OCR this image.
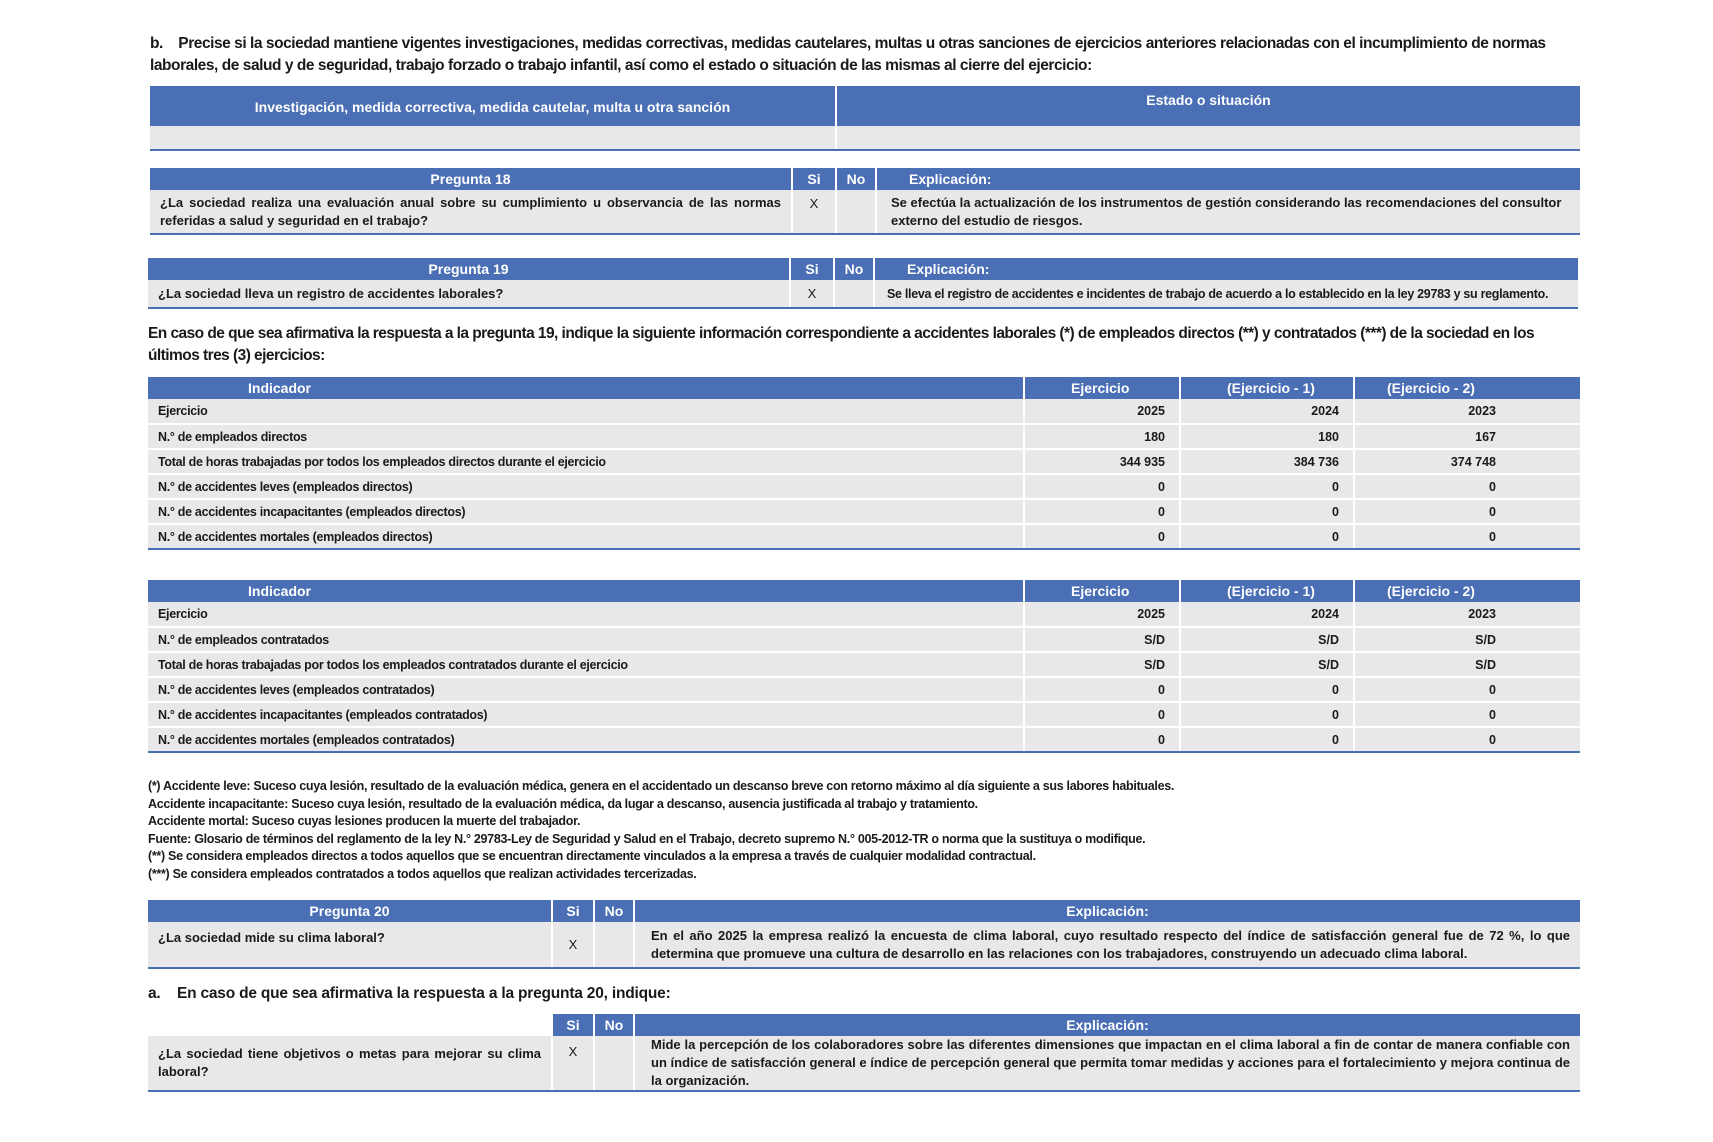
b.    Precise si la sociedad mantiene vigentes investigaciones, medidas correctivas, medidas cautelares, multas u otras sanciones de ejercicios anteriores relacionadas con el incumplimiento de normas laborales, de salud y de seguridad, trabajo forzado o trabajo infantil, así como el estado o situación de las mismas al cierre del ejercicio:
Investigación, medida correctiva, medida cautelar, multa u otra sanción	Estado o situación

Pregunta 18	Si	No	Explicación:
¿La sociedad realiza una evaluación anual sobre su cumplimiento u observancia de las normas referidas a salud y seguridad en el trabajo?	X		Se efectúa la actualización de los instrumentos de gestión considerando las recomendaciones del consultor externo del estudio de riesgos.
Pregunta 19	Si	No	Explicación:
¿La sociedad lleva un registro de accidentes laborales?	X		Se lleva el registro de accidentes e incidentes de trabajo de acuerdo a lo establecido en la ley 29783 y su reglamento.
En caso de que sea afirmativa la respuesta a la pregunta 19, indique la siguiente información correspondiente a accidentes laborales (*) de empleados directos (**) y contratados (***) de la sociedad en los últimos tres (3) ejercicios:
Indicador	Ejercicio	(Ejercicio - 1)	(Ejercicio - 2)
Ejercicio	2025	2024	2023
N.° de empleados directos	180	180	167
Total de horas trabajadas por todos los empleados directos durante el ejercicio	344 935	384 736	374 748
N.° de accidentes leves (empleados directos)	0	0	0
N.° de accidentes incapacitantes (empleados directos)	0	0	0
N.° de accidentes mortales (empleados directos)	0	0	0
Indicador	Ejercicio	(Ejercicio - 1)	(Ejercicio - 2)
Ejercicio	2025	2024	2023
N.° de empleados contratados	S/D	S/D	S/D
Total de horas trabajadas por todos los empleados contratados durante el ejercicio	S/D	S/D	S/D
N.° de accidentes leves (empleados contratados)	0	0	0
N.° de accidentes incapacitantes (empleados contratados)	0	0	0
N.° de accidentes mortales (empleados contratados)	0	0	0
(*) Accidente leve: Suceso cuya lesión, resultado de la evaluación médica, genera en el accidentado un descanso breve con retorno máximo al día siguiente a sus labores habituales.
Accidente incapacitante: Suceso cuya lesión, resultado de la evaluación médica, da lugar a descanso, ausencia justificada al trabajo y tratamiento.
Accidente mortal: Suceso cuyas lesiones producen la muerte del trabajador.
Fuente: Glosario de términos del reglamento de la ley N.° 29783-Ley de Seguridad y Salud en el Trabajo, decreto supremo N.° 005-2012-TR o norma que la sustituya o modifique.
(**) Se considera empleados directos a todos aquellos que se encuentran directamente vinculados a la empresa a través de cualquier modalidad contractual.
(***) Se considera empleados contratados a todos aquellos que realizan actividades tercerizadas.
Pregunta 20	Si	No	Explicación:
¿La sociedad mide su clima laboral?	X		En el año 2025 la empresa realizó la encuesta de clima laboral, cuyo resultado respecto del índice de satisfacción general fue de 72 %, lo que determina que promueve una cultura de desarrollo en las relaciones con los trabajadores, construyendo un adecuado clima laboral.
a.    En caso de que sea afirmativa la respuesta a la pregunta 20, indique:
	Si	No	Explicación:
¿La sociedad tiene objetivos o metas para mejorar su clima laboral?	X		Mide la percepción de los colaboradores sobre las diferentes dimensiones que impactan en el clima laboral a fin de contar de manera confiable con un índice de satisfacción general e índice de percepción general que permita tomar medidas y acciones para el fortalecimiento y mejora continua de la organización.
